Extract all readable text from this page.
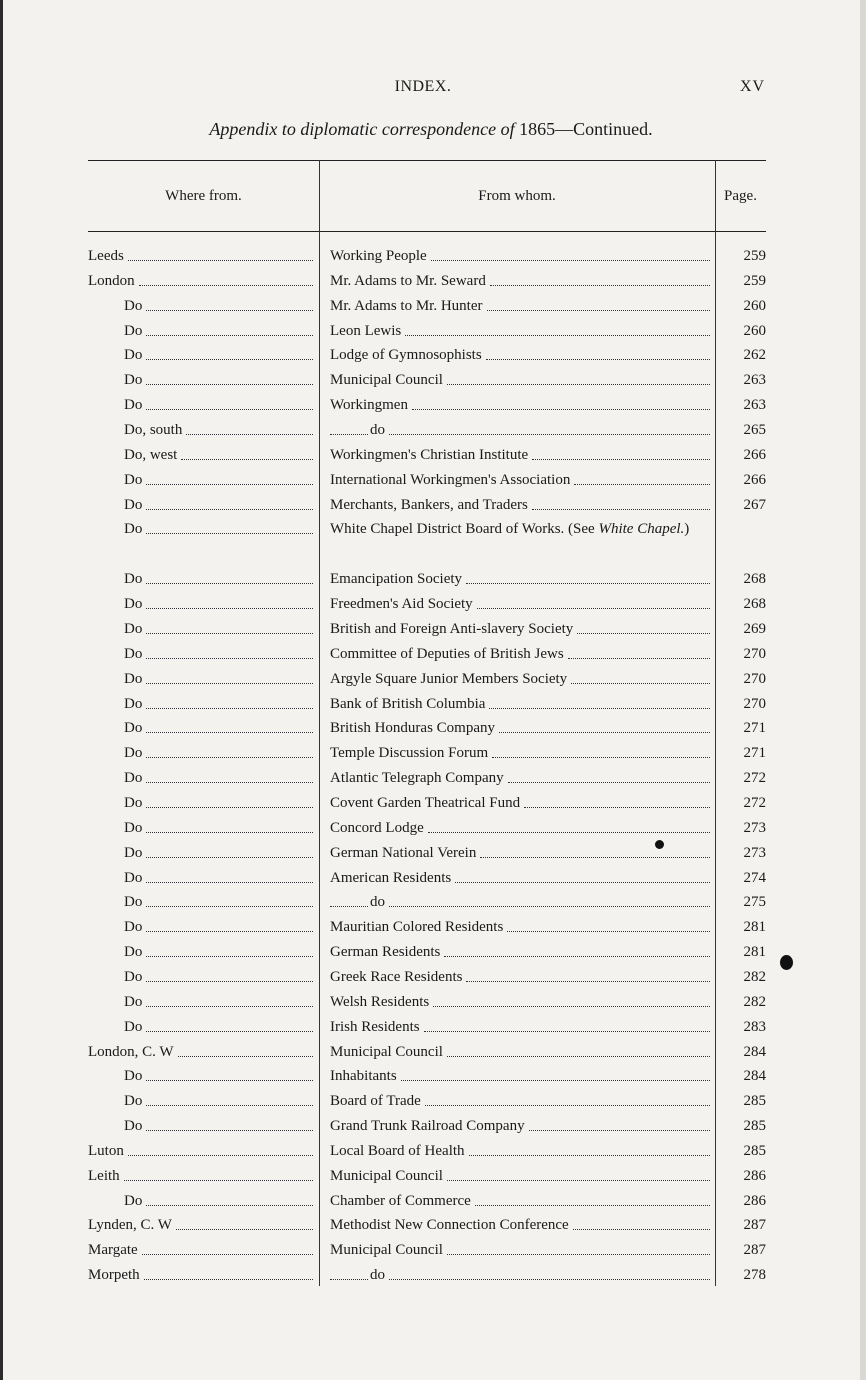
INDEX.	XV
Appendix to diplomatic correspondence of 1865—Continued.
Where from.	From whom.	Page.
Leeds	Working People	259
London	Mr. Adams to Mr. Seward	259
Do	Mr. Adams to Mr. Hunter	260
Do	Leon Lewis	260
Do	Lodge of Gymnosophists	262
Do	Municipal Council	263
Do	Workingmen	263
Do, south	do	265
Do, west	Workingmen's Christian Institute	266
Do	International Workingmen's Association	266
Do	Merchants, Bankers, and Traders	267
Do	White Chapel District Board of Works. (See White Chapel.)
Do	Emancipation Society	268
Do	Freedmen's Aid Society	268
Do	British and Foreign Anti-slavery Society	269
Do	Committee of Deputies of British Jews	270
Do	Argyle Square Junior Members Society	270
Do	Bank of British Columbia	270
Do	British Honduras Company	271
Do	Temple Discussion Forum	271
Do	Atlantic Telegraph Company	272
Do	Covent Garden Theatrical Fund	272
Do	Concord Lodge	273
Do	German National Verein	273
Do	American Residents	274
Do	do	275
Do	Mauritian Colored Residents	281
Do	German Residents	281
Do	Greek Race Residents	282
Do	Welsh Residents	282
Do	Irish Residents	283
London, C. W	Municipal Council	284
Do	Inhabitants	284
Do	Board of Trade	285
Do	Grand Trunk Railroad Company	285
Luton	Local Board of Health	285
Leith	Municipal Council	286
Do	Chamber of Commerce	286
Lynden, C. W	Methodist New Connection Conference	287
Margate	Municipal Council	287
Morpeth	do	278
